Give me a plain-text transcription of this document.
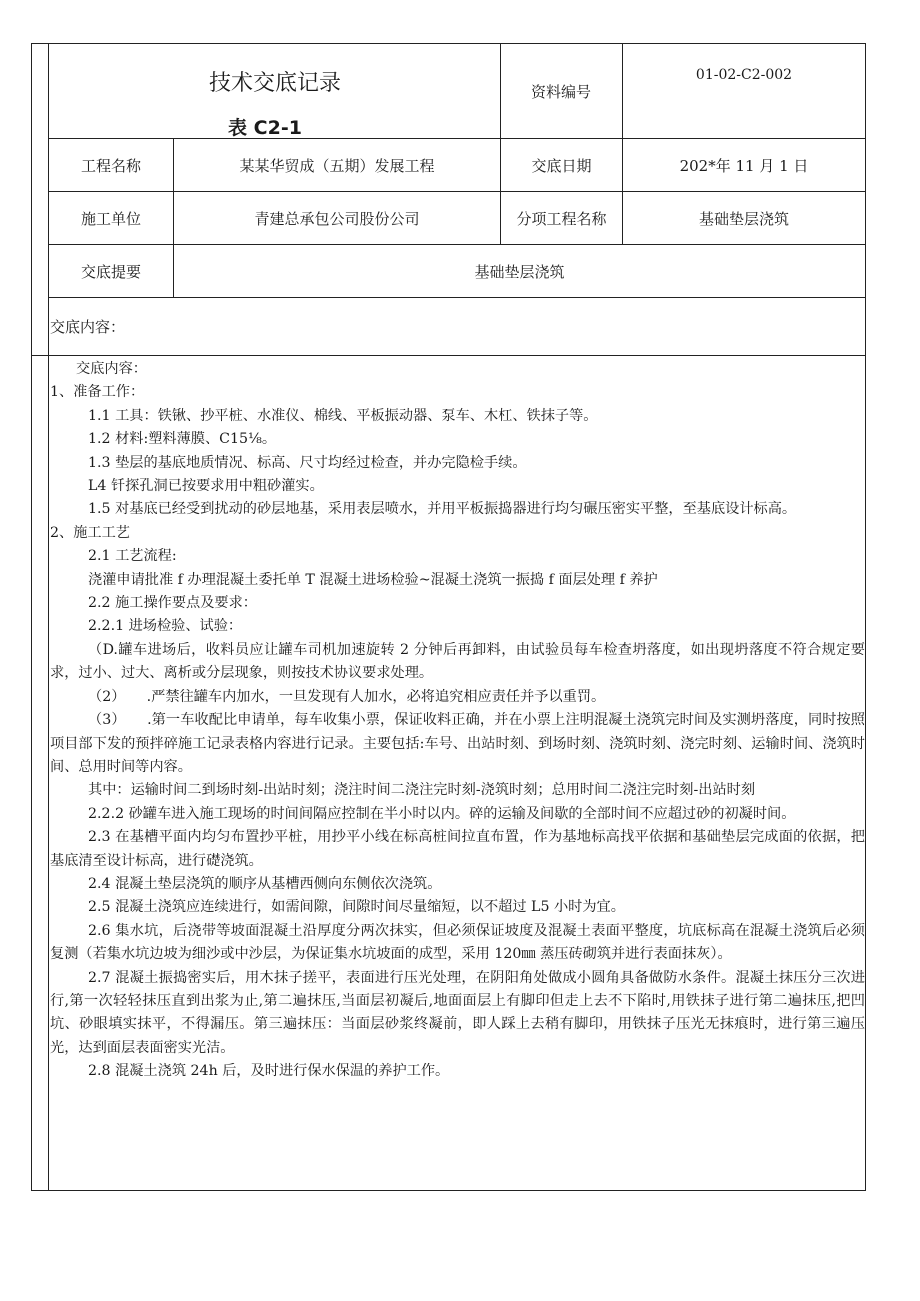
技术交底记录
表 C2-1
资料编号
01-02-C2-002
工程名称	某某华贸成（五期）发展工程	交底日期	202*年 11 月 1 日
施工单位	青建总承包公司股份公司	分项工程名称	基础垫层浇筑
交底提要	基础垫层浇筑
交底内容：

交底内容：

1、准备工作：

1.1 工具：铁锹、抄平桩、水准仪、棉线、平板振动器、泵车、木杠、铁抹子等。

1.2 材料:塑料薄膜、C15⅛。

1.3 垫层的基底地质情况、标高、尺寸均经过检查，并办完隐检手续。

L4 钎探孔洞已按要求用中粗砂灌实。

1.5 对基底已经受到扰动的砂层地基，采用表层喷水，并用平板振捣器进行均匀碾压密实平整，至基底设计标高。

2、施工工艺

2.1 工艺流程:

浇灌申请批准 f 办理混凝土委托单 T 混凝土进场检验~混凝土浇筑一振捣 f 面层处理 f 养护

2.2 施工操作要点及要求：

2.2.1 进场检验、试验：

（D.罐车进场后，收料员应让罐车司机加速旋转 2 分钟后再卸料，由试验员每车检查坍落度，如出现坍落度不符合规定要求，过小、过大、离析或分层现象，则按技术协议要求处理。

（2）　　.严禁往罐车内加水，一旦发现有人加水，必将追究相应责任并予以重罚。

（3）　　.第一车收配比申请单，每车收集小票，保证收料正确，并在小票上注明混凝土浇筑完时间及实测坍落度，同时按照项目部下发的预拌碎施工记录表格内容进行记录。主要包括:车号、出站时刻、到场时刻、浇筑时刻、浇完时刻、运输时间、浇筑时间、总用时间等内容。

其中：运输时间二到场时刻-出站时刻；浇注时间二浇注完时刻-浇筑时刻；总用时间二浇注完时刻-出站时刻

2.2.2 砂罐车进入施工现场的时间间隔应控制在半小时以内。碎的运输及间歇的全部时间不应超过砂的初凝时间。

2.3 在基槽平面内均匀布置抄平桩，用抄平小线在标高桩间拉直布置，作为基地标高找平依据和基础垫层完成面的依据，把基底清至设计标高，进行礎浇筑。

2.4 混凝土垫层浇筑的顺序从基槽西侧向东侧依次浇筑。

2.5 混凝土浇筑应连续进行，如需间隙，间隙时间尽量缩短，以不超过 L5 小时为宜。

2.6 集水坑，后浇带等坡面混凝土沿厚度分两次抹实，但必须保证坡度及混凝土表面平整度，坑底标高在混凝土浇筑后必须复测（若集水坑边坡为细沙或中沙层，为保证集水坑坡面的成型，采用 120㎜ 蒸压砖砌筑并进行表面抹灰）。

2.7 混凝土振捣密实后，用木抹子搓平，表面进行压光处理，在阴阳角处做成小圆角具备做防水条件。混凝土抹压分三次进行,第一次轻轻抹压直到出浆为止,第二遍抹压,当面层初凝后,地面面层上有脚印但走上去不下陷时,用铁抹子进行第二遍抹压,把凹坑、砂眼填实抹平，不得漏压。第三遍抹压：当面层砂浆终凝前，即人踩上去稍有脚印，用铁抹子压光无抹痕时，进行第三遍压光，达到面层表面密实光洁。

2.8 混凝土浇筑 24h 后，及时进行保水保温的养护工作。
